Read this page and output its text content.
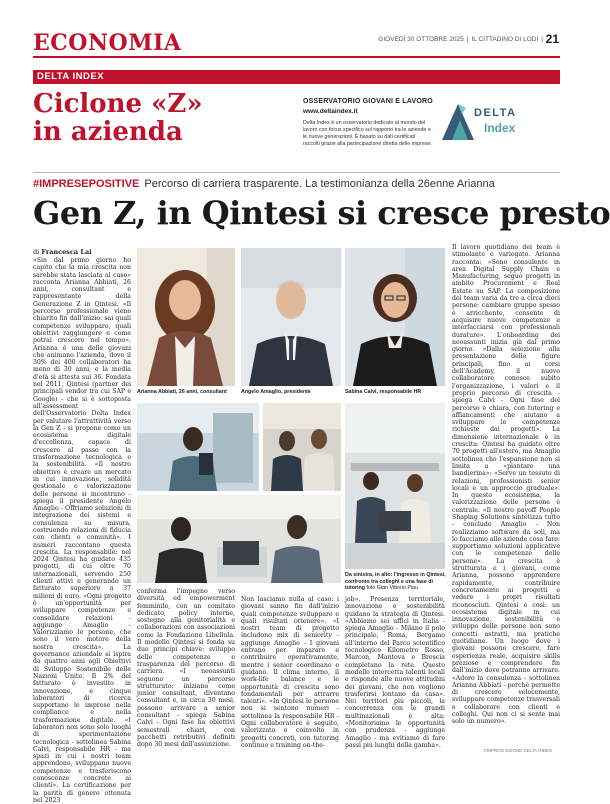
ECONOMIA	GIOVEDÌ 30 OTTOBRE 2025 | IL CITTADINO DI LODI | 21
DELTA INDEX
Ciclone «Z»
in azienda
OSSERVATORIO GIOVANI E LAVORO
www.deltaindex.it
Delta Index è un osservatorio dedicato al mondo del lavoro con focus specifico sul rapporto tra le aziende e le nuove generazioni. È basato su dati certificati raccolti grazie alla partecipazione diretta delle imprese.
DELTA
Index
#IMPRESEPOSITIVE Percorso di carriera trasparente. La testimonianza della 26enne Arianna
Gen Z, in Qintesi si cresce presto
di Francesca Lai
«Sin dal primo giorno ho capito che la mia crescita non sarebbe stata lasciata al caso» racconta Arianna Abbiati, 26 anni, consultant e rappresentante della Generazione Z in Qintesi. «Il percorso professionale viene chiarito fin dall'inizio: sai quali competenze sviluppare, quali obiettivi raggiungere e come potrai crescere nel tempo». Arianna è una delle giovani che animano l'azienda, dove il 30% dei 400 collaboratori ha meno di 30 anni, e la media d'età si attesta sui 36. Fondata nel 2011, Qintesi (partner dei principali vendor tra cui SAP e Google) - che si è sottoposta all'assessment dell'Osservatorio Delta Index per valutare l'attrattività verso la Gen Z - si propone come un ecosistema digitale d'eccellenza, capace di crescere al passo con la trasformazione tecnologica e la sostenibilità. «Il nostro obiettivo è creare un mercato in cui innovazione, solidità gestionale e valorizzazione delle persone si incontrano - spiega il presidente Angelo Amaglio - Offriamo soluzioni di integrazione dei sistemi e consulenza su misura, costruendo relazioni di fiducia con clienti e comunità». I numeri raccontano questa crescita. La responsabile: nel 2024 Qintesi ha guidato 435 progetti, di cui oltre 70 internazionali, servendo 250 clienti attivi e generando un fatturato superiore a 37 milioni di euro. «Ogni progetto è un'opportunità per sviluppare competenze e consolidare relazioni - aggiunge Amaglio - Valorizziamo le persone, che sono il vero motore della nostra crescita». La governance aziendale si ispira da quattro anni agli Obiettivi di Sviluppo Sostenibile delle Nazioni Unite. Il 2% del fatturato è investito in innovazione, e cinque laboratori di ricerca supportano le imprese nella compliance e nella trasformazione digitale. «I laboratori non sono solo luoghi di sperimentazione tecnologica - sottolinea Sabina Calvi, responsabile HR - ma spazi in cui i nostri team apprendono, sviluppano nuove competenze e trasferiscono conoscenze concrete ai clienti». La certificazione per la parità di genere ottenuta nel 2023
conferma l'impegno verso diversità ed empowerment femminile, con un comitato dedicato, policy interne, sostegno alla genitorialità e collaborazioni con associazioni come la Fondazione Libellula. Il modello Qintesi si fonda su due principi chiave: sviluppo delle competenze e trasparenza del percorso di carriera. «I neoassunti seguono un percorso strutturato: iniziano come junior consultant, diventano consultant e, in circa 30 mesi, possono arrivare a senior consultant - spiega Sabina Calvi - Ogni fase ha obiettivi semestrali chiari, con pacchetti retributivi definiti dopo 30 mesi dall'assunzione.
Non lasciamo nulla al caso: i giovani sanno fin dall'inizio quali competenze sviluppare e quali risultati ottenere». «I nostri team di progetto includono mix di seniority - aggiunge Amaglio - I giovani entrano per imparare e contribuire operativamente, mentre i senior coordinano e guidano. Il clima interno, il work-life balance e le opportunità di crescita sono fondamentali per attrarre talenti». «In Qintesi le persone non si sentono numeri - sottolinea la responsabile HR - Ogni collaboratore è seguito, valorizzato e coinvolto in progetti concreti, con tutoring continuo e training on-the-
job». Presenza territoriale, innovazione e sostenibilità guidano la strategia di Qintesi. «Abbiamo sei uffici in Italia - spiega Amaglio - Milano il polo principale, Roma, Bergamo all'interno del Parco scientifico tecnologico Kilometro Rosso, Marcon, Mantova e Brescia completano la rete. Questo modello intercetta talenti locali e risponde alle nuove attitudini dei giovani, che non vogliono trasferirsi lontano da casa». Nei territori più piccoli, la concorrenza con le grandi multinazionali è alta: «Monitoriamo le opportunità con prudenza - aggiunge Amaglio - ma evitiamo di fare passi più lunghi della gamba».
Il lavoro quotidiano dei team è stimolante e variegato. Arianna racconta: «Sono consulente in area Digital Supply Chain e Manufacturing, seguo progetti in ambito Procurement e Real Estate su SAP. La composizione dei team varia da tre a circa dieci persone: cambiare gruppo spesso è arricchente, consente di acquisire nuove competenze e interfacciarsi con professionali durature». L'onboarding dei neoassunti inizia già dal primo giorno. «Dalla selezione alla presentazione delle figure principali, fino ai corsi dell'Academy, il nuovo collaboratore conosce subito l'organizzazione, i valori e il proprio percorso di crescita - spiega Calvi - Ogni fase del percorso è chiara, con tutoring e affiancamenti che aiutano a sviluppare le competenze richieste dai progetti». La dimensione internazionale è in crescita: Qintesi ha guidato oltre 70 progetti all'estero, ma Amaglio sottolinea che l'espansione non si limita a «piantare una bandierina»: «Serve un tessuto di relazioni, professionisti senior locali e un approccio graduale». In questo ecosistema, la valorizzazione delle persone è centrale. «Il nostro payoff People Shaping Solutions sintetizza tutto - conclude Amaglio - Non realizziamo software da soli, ma lo facciamo alle aziende cosa fare: supportiamo soluzioni applicative con le competenze delle persone». La crescita è strutturata e i giovani, come Arianna, possono apprendere rapidamente, contribuire concretamente ai progetti e vedere i propri risultati riconosciuti. Qintesi è così: un ecosistema digitale in cui innovazione, sostenibilità e sviluppo delle persone non sono concetti astratti, ma pratiche quotidiane. Un luogo dove i giovani possono crescere, fare esperienza reale, acquisire skills preziose e comprendere fin dall'inizio dove potranno arrivare. «Adoro la consulenza - sottolinea Arianna Abbiati - perché permette di crescere velocemente, sviluppare competenze trasversali e collaborare con clienti e colleghi. Qui non ci si sente mai solo un numero».
Arianna Abbiati, 26 anni, consultant	Angelo Amaglio, presidente	Sabina Calvi, responsabile HR
Da sinistra, in alto: l'ingresso in Qintesi, confronto tra colleghi e una fase di tutoring foto Gian Vittorio Piau
CMPROG EZIONE DELTA INDEX
